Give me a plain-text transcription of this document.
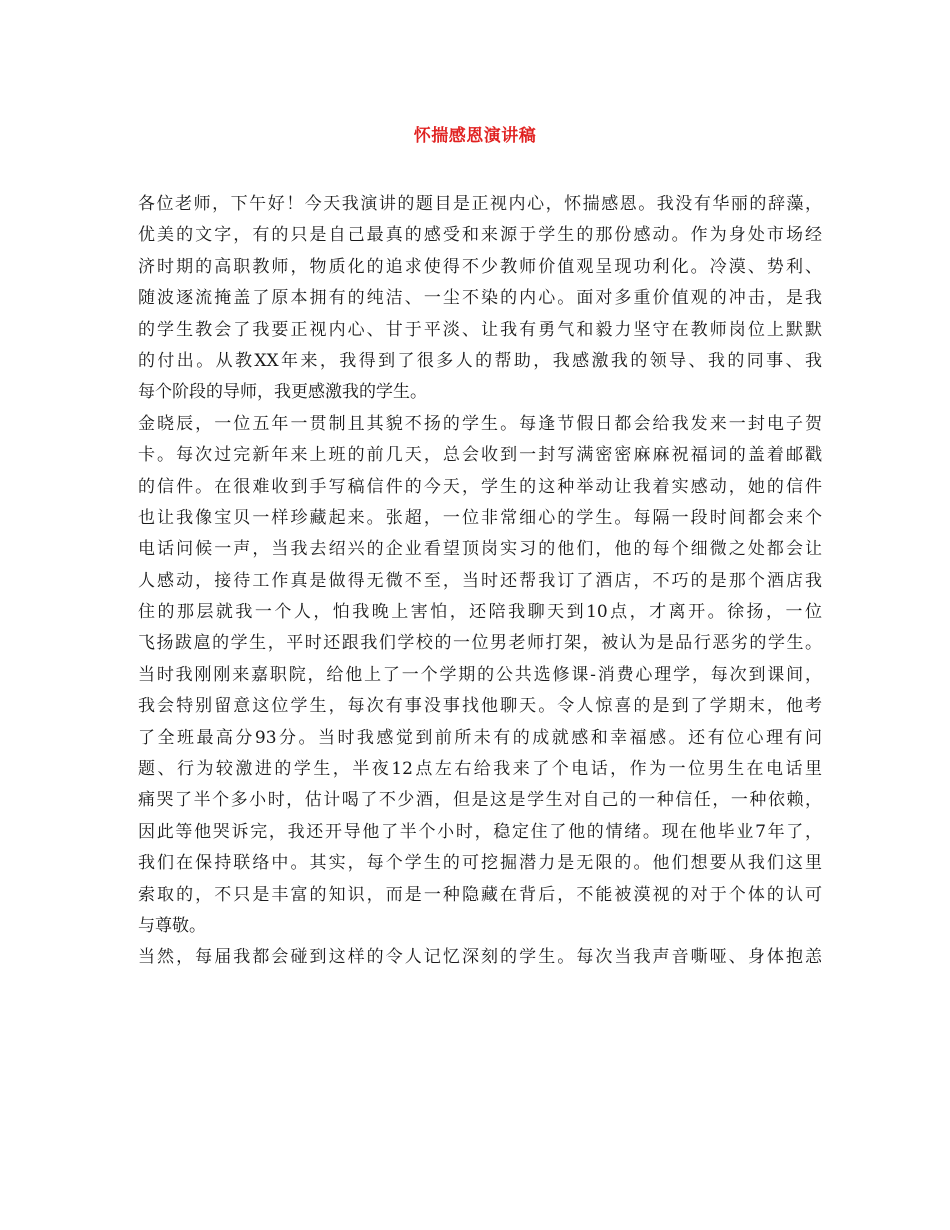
怀揣感恩演讲稿
各位老师，下午好！今天我演讲的题目是正视内心，怀揣感恩。我没有华丽的辞藻，
优美的文字，有的只是自己最真的感受和来源于学生的那份感动。作为身处市场经
济时期的高职教师，物质化的追求使得不少教师价值观呈现功利化。冷漠、势利、
随波逐流掩盖了原本拥有的纯洁、一尘不染的内心。面对多重价值观的冲击，是我
的学生教会了我要正视内心、甘于平淡、让我有勇气和毅力坚守在教师岗位上默默
的付出。从教XX年来，我得到了很多人的帮助，我感激我的领导、我的同事、我
每个阶段的导师，我更感激我的学生。
金晓辰，一位五年一贯制且其貌不扬的学生。每逢节假日都会给我发来一封电子贺
卡。每次过完新年来上班的前几天，总会收到一封写满密密麻麻祝福词的盖着邮戳
的信件。在很难收到手写稿信件的今天，学生的这种举动让我着实感动，她的信件
也让我像宝贝一样珍藏起来。张超，一位非常细心的学生。每隔一段时间都会来个
电话问候一声，当我去绍兴的企业看望顶岗实习的他们，他的每个细微之处都会让
人感动，接待工作真是做得无微不至，当时还帮我订了酒店，不巧的是那个酒店我
住的那层就我一个人，怕我晚上害怕，还陪我聊天到10点，才离开。徐扬，一位
飞扬跋扈的学生，平时还跟我们学校的一位男老师打架，被认为是品行恶劣的学生。
当时我刚刚来嘉职院，给他上了一个学期的公共选修课-消费心理学，每次到课间，
我会特别留意这位学生，每次有事没事找他聊天。令人惊喜的是到了学期末，他考
了全班最高分93分。当时我感觉到前所未有的成就感和幸福感。还有位心理有问
题、行为较激进的学生，半夜12点左右给我来了个电话，作为一位男生在电话里
痛哭了半个多小时，估计喝了不少酒，但是这是学生对自己的一种信任，一种依赖，
因此等他哭诉完，我还开导他了半个小时，稳定住了他的情绪。现在他毕业7年了，
我们在保持联络中。其实，每个学生的可挖掘潜力是无限的。他们想要从我们这里
索取的，不只是丰富的知识，而是一种隐藏在背后，不能被漠视的对于个体的认可
与尊敬。
当然，每届我都会碰到这样的令人记忆深刻的学生。每次当我声音嘶哑、身体抱恙
